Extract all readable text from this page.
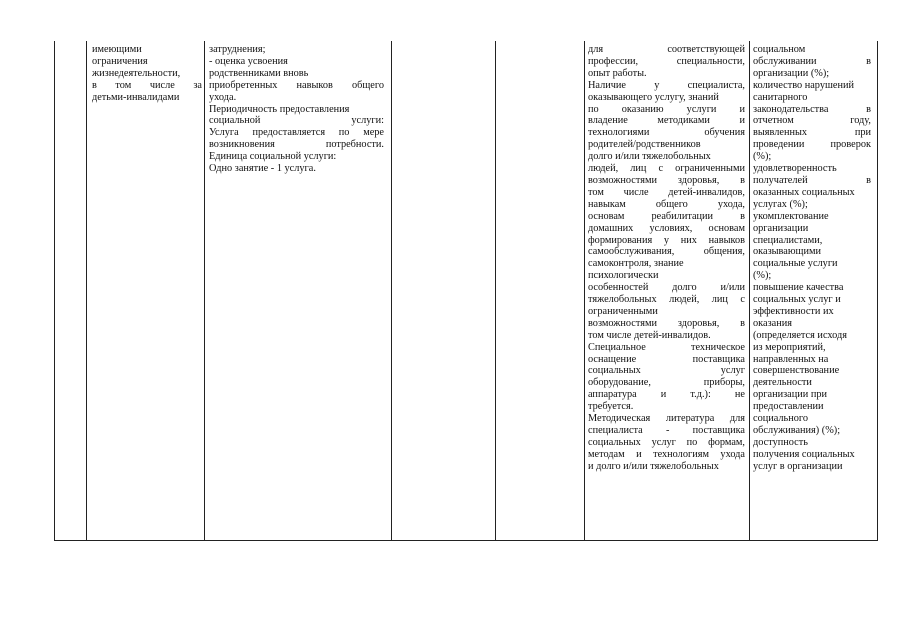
имеющими
ограничения
жизнедеятельности,
в том числе за
детьми-инвалидами
затруднения;
- оценка усвоения
родственниками вновь
приобретенных навыков общего
ухода.
Периодичность предоставления
социальной услуги:
Услуга предоставляется по мере
возникновения потребности.
Единица социальной услуги:
Одно занятие - 1 услуга.
для соответствующей
профессии, специальности,
опыт работы.
Наличие у специалиста,
оказывающего услугу, знаний
по оказанию услуги и
владение методиками и
технологиями обучения
родителей/родственников
долго и/или тяжелобольных
людей, лиц с ограниченными
возможностями здоровья, в
том числе детей-инвалидов,
навыкам общего ухода,
основам реабилитации в
домашних условиях, основам
формирования у них навыков
самообслуживания, общения,
самоконтроля, знание
психологически
особенностей долго и/или
тяжелобольных людей, лиц с
ограниченными
возможностями здоровья, в
том числе детей-инвалидов.
Специальное техническое
оснащение поставщика
социальных услуг
оборудование, приборы,
аппаратура и т.д.): не
требуется.
Методическая литература для
специалиста - поставщика
социальных услуг по формам,
методам и технологиям ухода
и долго и/или тяжелобольных
социальном
обслуживании в
организации (%);
количество нарушений
санитарного
законодательства в
отчетном году,
выявленных при
проведении проверок
(%);
удовлетворенность
получателей в
оказанных социальных
услугах (%);
укомплектование
организации
специалистами,
оказывающими
социальные услуги
(%);
повышение качества
социальных услуг и
эффективности их
оказания
(определяется исходя
из мероприятий,
направленных на
совершенствование
деятельности
организации при
предоставлении
социального
обслуживания) (%);
доступность
получения социальных
услуг в организации
